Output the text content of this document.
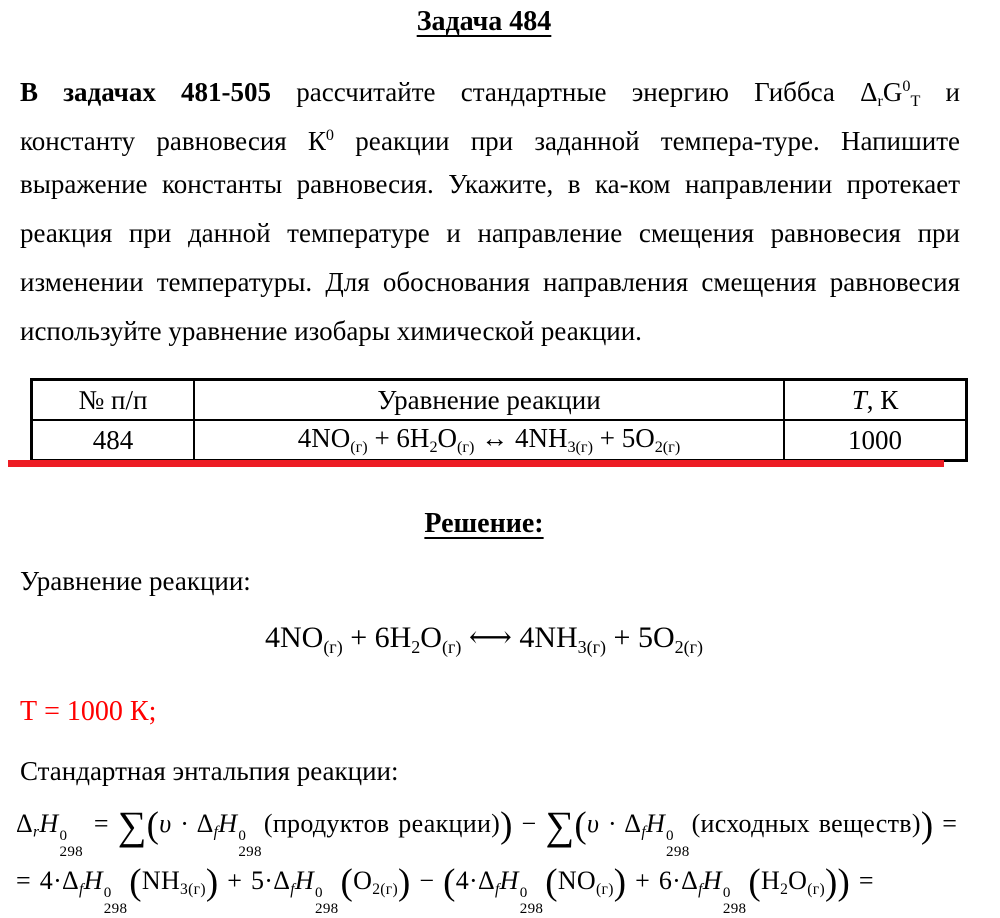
Задача 484
В задачах 481-505 рассчитайте стандартные энергию Гиббса ΔrG$^0$Т и
константу равновесия $К^0$ реакции при заданной темпера-туре. Напишите
выражение константы равновесия. Укажите, в ка-ком направлении протекает
реакция при данной температуре и направление смещения равновесия при
изменении температуры. Для обоснования направления смещения равновесия
используйте уравнение изобары химической реакции.
№ п/п	Уравнение реакции	T, К
484	4NO(г) + 6H2O(г) ↔ 4NH3(г) + 5O2(г)	1000
Решение:
Уравнение реакции:
4NO(г) + 6H2O(г) ⟷ 4NH3(г) + 5O2(г)
Т = 1000 К;
Стандартная энтальпия реакции:
ΔrH 0
298
= ∑(υ · ΔfH 0
298
(продуктов реакции)) − ∑(υ · ΔfH 0
298
(исходных веществ)) =
= 4·ΔfH 0
298
(NH3(г)) + 5·ΔfH 0
298
(O2(г)) − (4·ΔfH 0
298
(NO(г)) + 6·ΔfH 0
298
(H2O(г))) =
